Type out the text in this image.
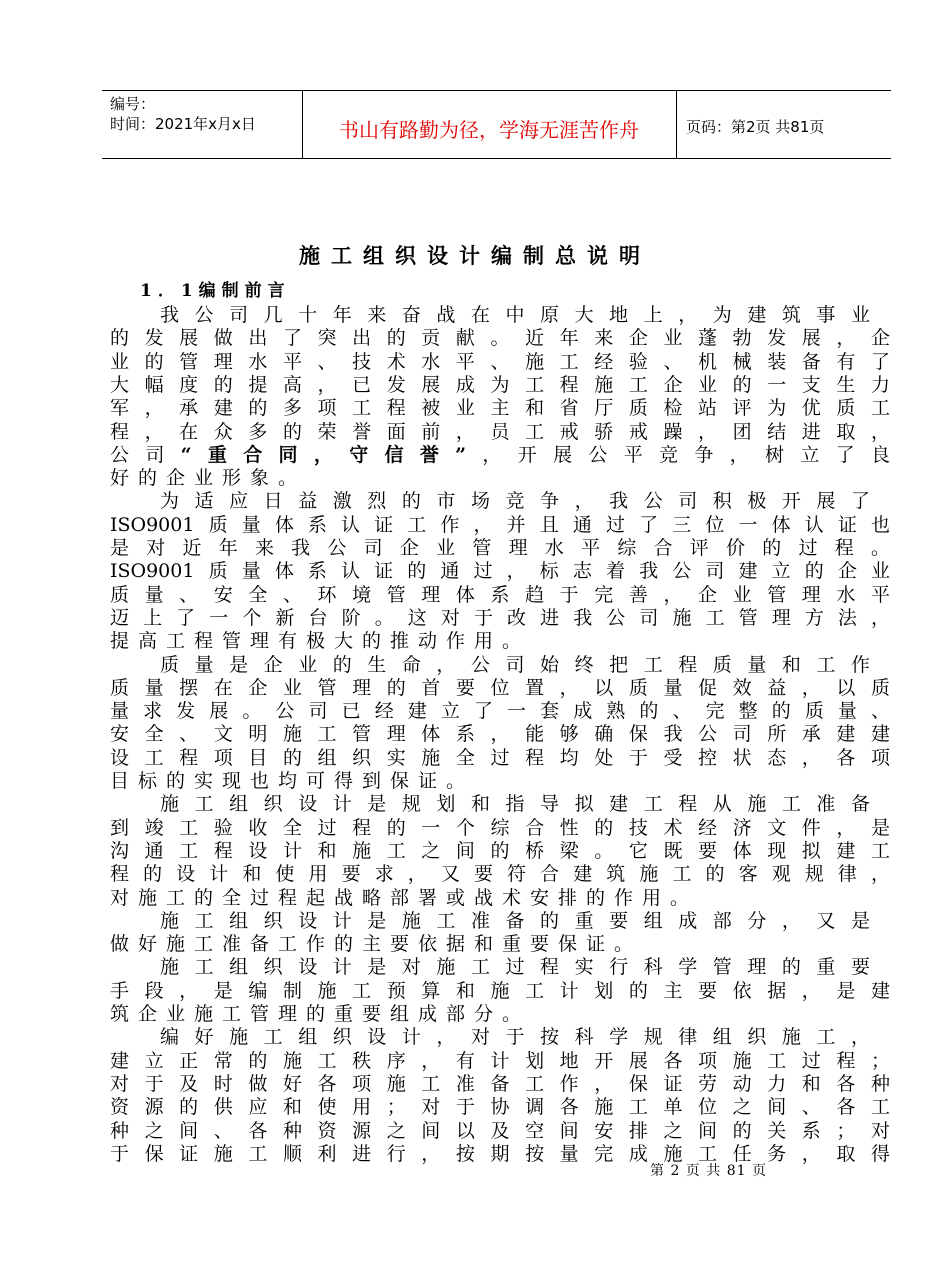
编号：
时间：2021年x月x日	书山有路勤为径，学海无涯苦作舟	页码：第2页 共81页
施工组织设计编制总说明
1．1编制前言
我公司几十年来奋战在中原大地上，为建筑事业
的发展做出了突出的贡献。近年来企业蓬勃发展，企
业的管理水平、技术水平、施工经验、机械装备有了
大幅度的提高，已发展成为工程施工企业的一支生力
军，承建的多项工程被业主和省厅质检站评为优质工
程，在众多的荣誉面前，员工戒骄戒躁，团结进取，
公司“重合同，守信誉”，开展公平竞争，树立了良
好的企业形象。
为适应日益激烈的市场竞争，我公司积极开展了
ISO9001质量体系认证工作，并且通过了三位一体认证也
是对近年来我公司企业管理水平综合评价的过程。
ISO9001质量体系认证的通过，标志着我公司建立的企业
质量、安全、环境管理体系趋于完善，企业管理水平
迈上了一个新台阶。这对于改进我公司施工管理方法，
提高工程管理有极大的推动作用。
质量是企业的生命，公司始终把工程质量和工作
质量摆在企业管理的首要位置，以质量促效益，以质
量求发展。公司已经建立了一套成熟的、完整的质量、
安全、文明施工管理体系，能够确保我公司所承建建
设工程项目的组织实施全过程均处于受控状态，各项
目标的实现也均可得到保证。
施工组织设计是规划和指导拟建工程从施工准备
到竣工验收全过程的一个综合性的技术经济文件，是
沟通工程设计和施工之间的桥梁。它既要体现拟建工
程的设计和使用要求，又要符合建筑施工的客观规律，
对施工的全过程起战略部署或战术安排的作用。
施工组织设计是施工准备的重要组成部分，又是
做好施工准备工作的主要依据和重要保证。
施工组织设计是对施工过程实行科学管理的重要
手段，是编制施工预算和施工计划的主要依据，是建
筑企业施工管理的重要组成部分。
编好施工组织设计，对于按科学规律组织施工，
建立正常的施工秩序，有计划地开展各项施工过程；
对于及时做好各项施工准备工作，保证劳动力和各种
资源的供应和使用；对于协调各施工单位之间、各工
种之间、各种资源之间以及空间安排之间的关系；对
于保证施工顺利进行，按期按量完成施工任务，取得
第 2 页 共 81 页
